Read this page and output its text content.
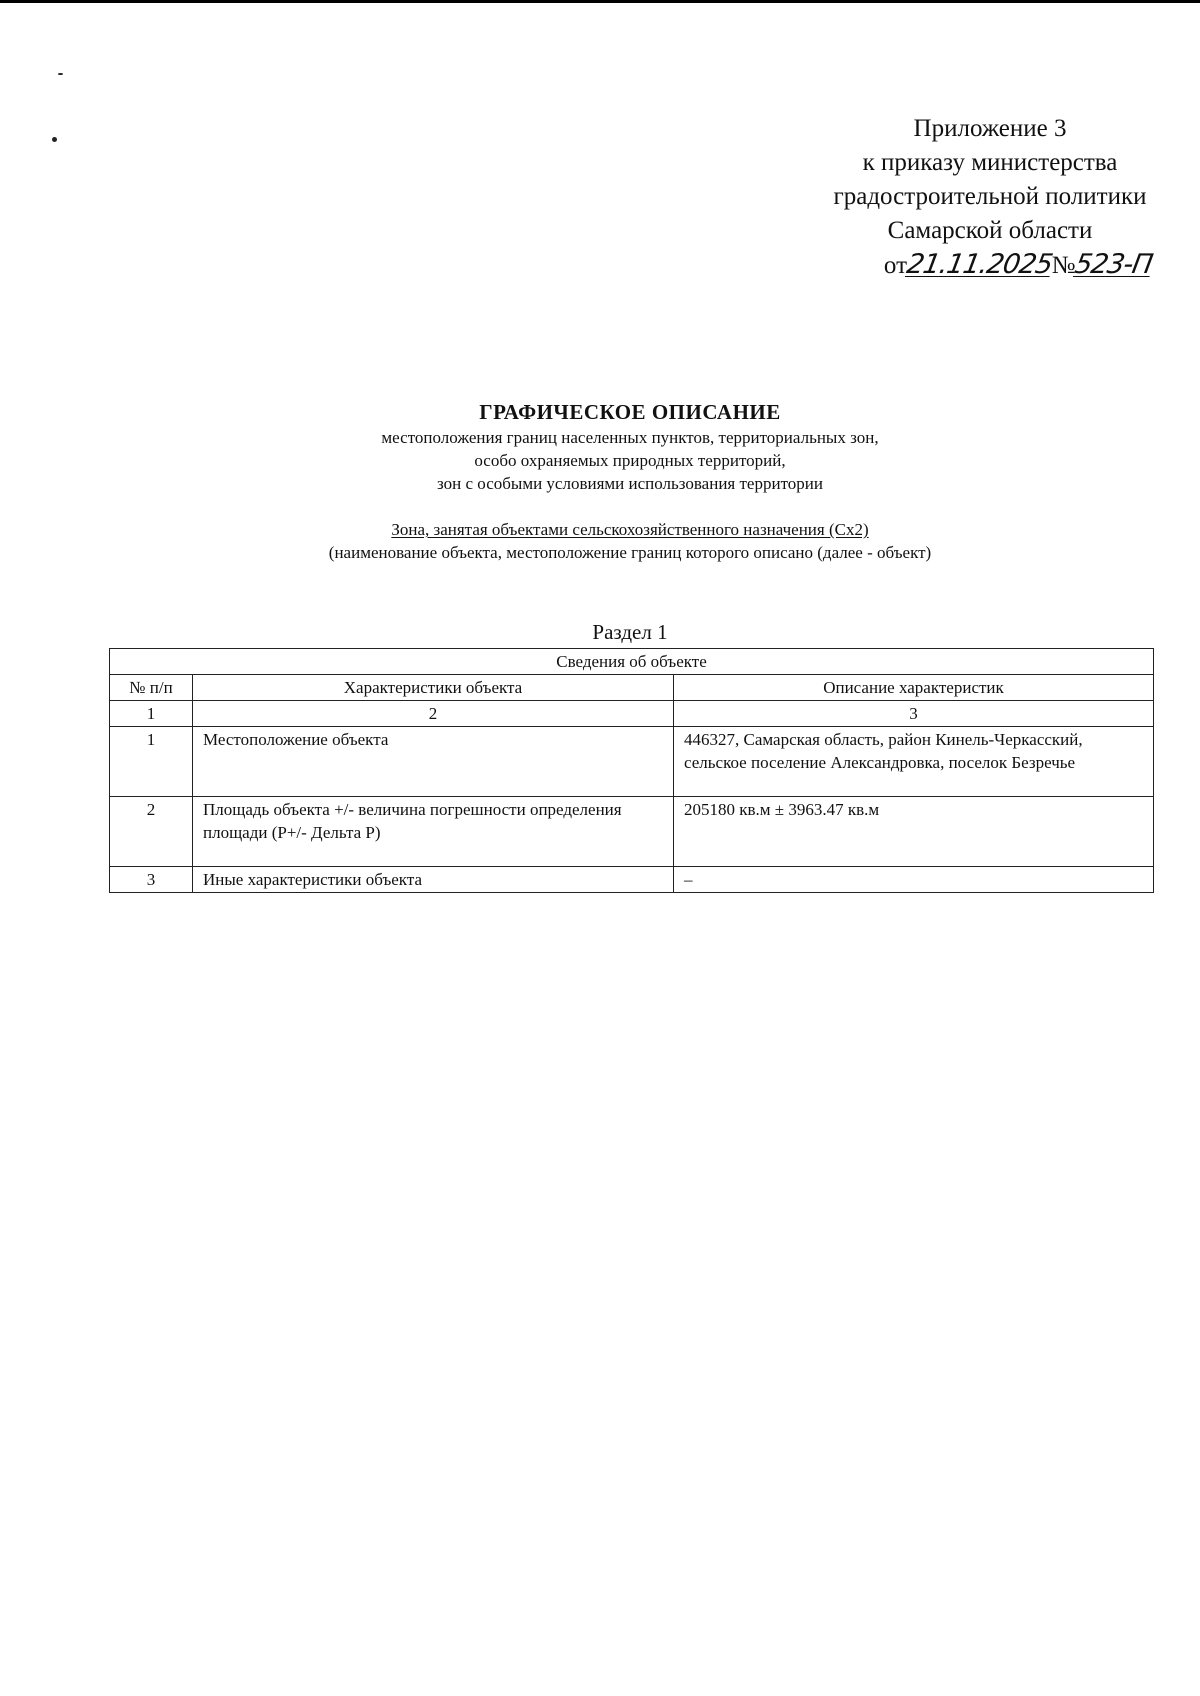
Приложение 3
к приказу министерства
градостроительной политики
Самарской области
от21.11.2025№523-П
ГРАФИЧЕСКОЕ ОПИСАНИЕ
местоположения границ населенных пунктов, территориальных зон,
особо охраняемых природных территорий,
зон с особыми условиями использования территории
Зона, занятая объектами сельскохозяйственного назначения (Сх2)
(наименование объекта, местоположение границ которого описано (далее - объект)
Раздел 1
Сведения об объекте		
№ п/п	Характеристики объекта	Описание характеристик
1	2	3
1	Местоположение объекта	446327, Самарская область, район Кинель-Черкасский, сельское поселение Александровка, поселок Безречье
2	Площадь объекта +/- величина погрешности определения площади (Р+/- Дельта Р)	205180 кв.м ± 3963.47 кв.м
3	Иные характеристики объекта	–
